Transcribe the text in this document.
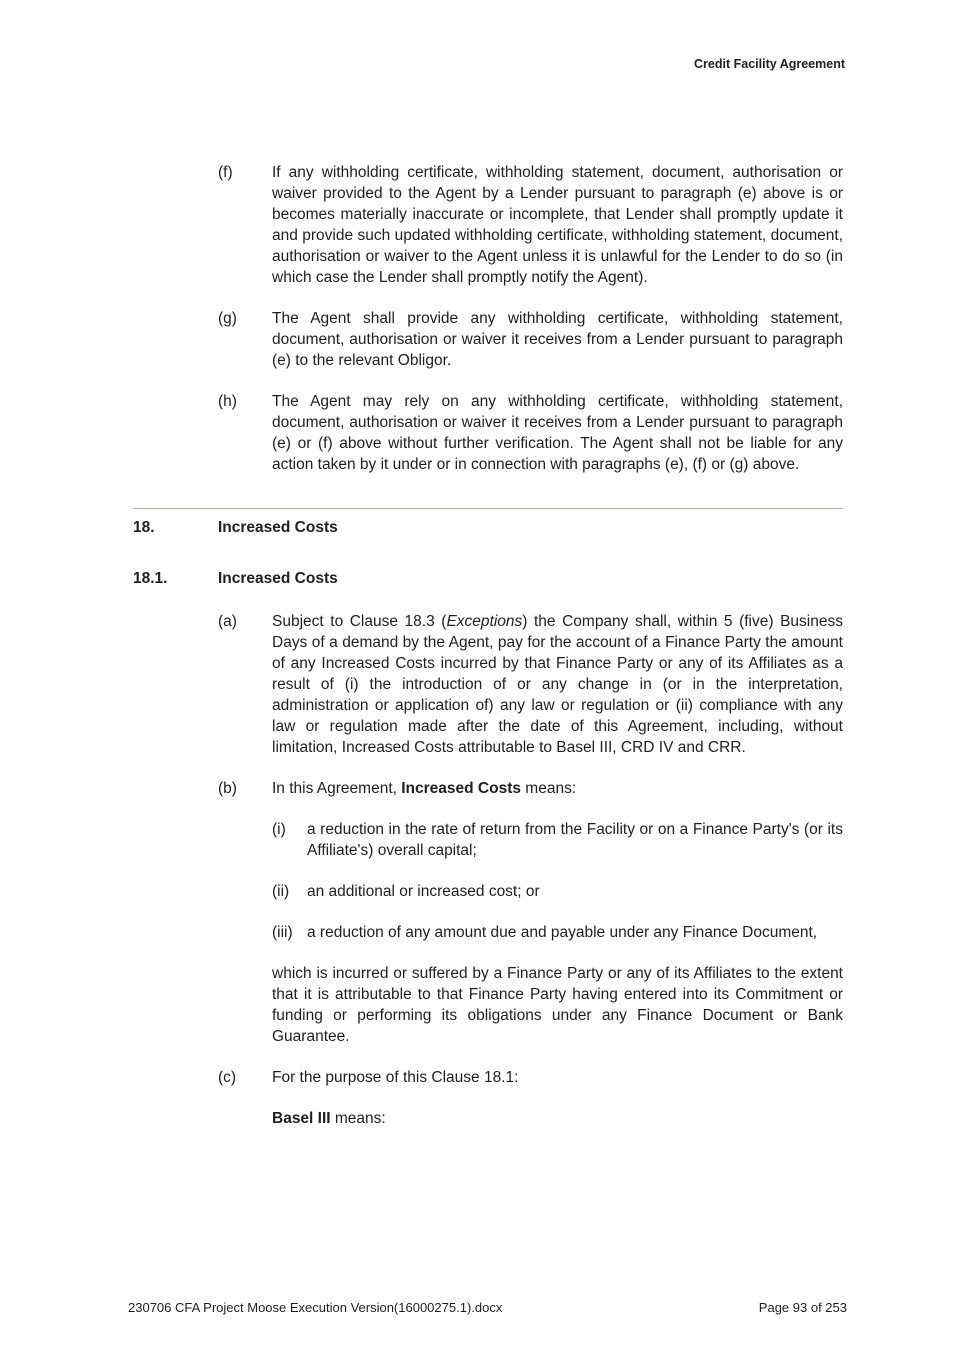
Credit Facility Agreement
(f)	If any withholding certificate, withholding statement, document, authorisation or waiver provided to the Agent by a Lender pursuant to paragraph (e) above is or becomes materially inaccurate or incomplete, that Lender shall promptly update it and provide such updated withholding certificate, withholding statement, document, authorisation or waiver to the Agent unless it is unlawful for the Lender to do so (in which case the Lender shall promptly notify the Agent).

(g)	The Agent shall provide any withholding certificate, withholding statement, document, authorisation or waiver it receives from a Lender pursuant to paragraph (e) to the relevant Obligor.

(h)	The Agent may rely on any withholding certificate, withholding statement, document, authorisation or waiver it receives from a Lender pursuant to paragraph (e) or (f) above without further verification. The Agent shall not be liable for any action taken by it under or in connection with paragraphs (e), (f) or (g) above.

18.	Increased Costs
18.1.	Increased Costs
(a)	Subject to Clause 18.3 (Exceptions) the Company shall, within 5 (five) Business Days of a demand by the Agent, pay for the account of a Finance Party the amount of any Increased Costs incurred by that Finance Party or any of its Affiliates as a result of (i) the introduction of or any change in (or in the interpretation, administration or application of) any law or regulation or (ii) compliance with any law or regulation made after the date of this Agreement, including, without limitation, Increased Costs attributable to Basel III, CRD IV and CRR.

(b)	In this Agreement, Increased Costs means:

(i)	a reduction in the rate of return from the Facility or on a Finance Party's (or its Affiliate's) overall capital;

(ii)	an additional or increased cost; or

(iii) a reduction of any amount due and payable under any Finance Document,

which is incurred or suffered by a Finance Party or any of its Affiliates to the extent that it is attributable to that Finance Party having entered into its Commitment or funding or performing its obligations under any Finance Document or Bank Guarantee.

(c)	For the purpose of this Clause 18.1:

Basel III means:

230706 CFA Project Moose Execution Version(16000275.1).docx	Page 93 of 253
